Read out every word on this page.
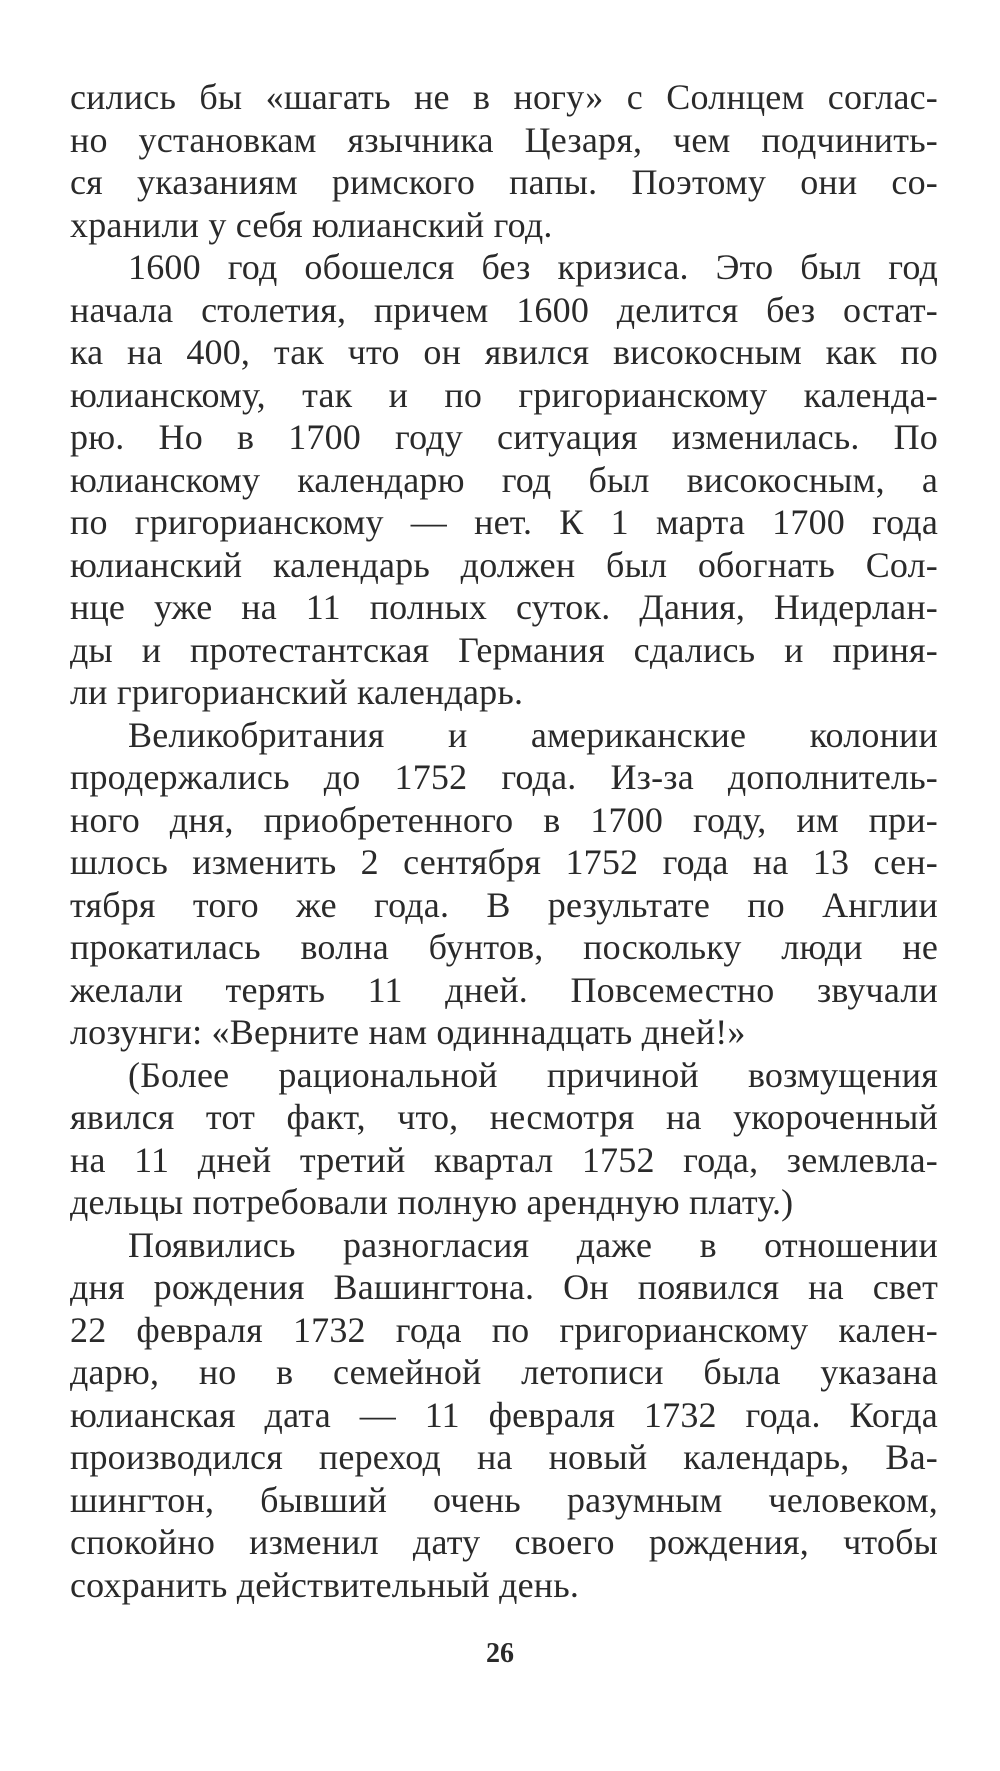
сились бы «шагать не в ногу» с Солнцем соглас-
но установкам язычника Цезаря, чем подчинить-
ся указаниям римского папы. Поэтому они со-
хранили у себя юлианский год.
1600 год обошелся без кризиса. Это был год
начала столетия, причем 1600 делится без остат-
ка на 400, так что он явился високосным как по
юлианскому, так и по григорианскому календа-
рю. Но в 1700 году ситуация изменилась. По
юлианскому календарю год был високосным, а
по григорианскому — нет. К 1 марта 1700 года
юлианский календарь должен был обогнать Сол-
нце уже на 11 полных суток. Дания, Нидерлан-
ды и протестантская Германия сдались и приня-
ли григорианский календарь.
Великобритания и американские колонии
продержались до 1752 года. Из-за дополнитель-
ного дня, приобретенного в 1700 году, им при-
шлось изменить 2 сентября 1752 года на 13 сен-
тября того же года. В результате по Англии
прокатилась волна бунтов, поскольку люди не
желали терять 11 дней. Повсеместно звучали
лозунги: «Верните нам одиннадцать дней!»
(Более рациональной причиной возмущения
явился тот факт, что, несмотря на укороченный
на 11 дней третий квартал 1752 года, землевла-
дельцы потребовали полную арендную плату.)
Появились разногласия даже в отношении
дня рождения Вашингтона. Он появился на свет
22 февраля 1732 года по григорианскому кален-
дарю, но в семейной летописи была указана
юлианская дата — 11 февраля 1732 года. Когда
производился переход на новый календарь, Ва-
шингтон, бывший очень разумным человеком,
спокойно изменил дату своего рождения, чтобы
сохранить действительный день.
26
